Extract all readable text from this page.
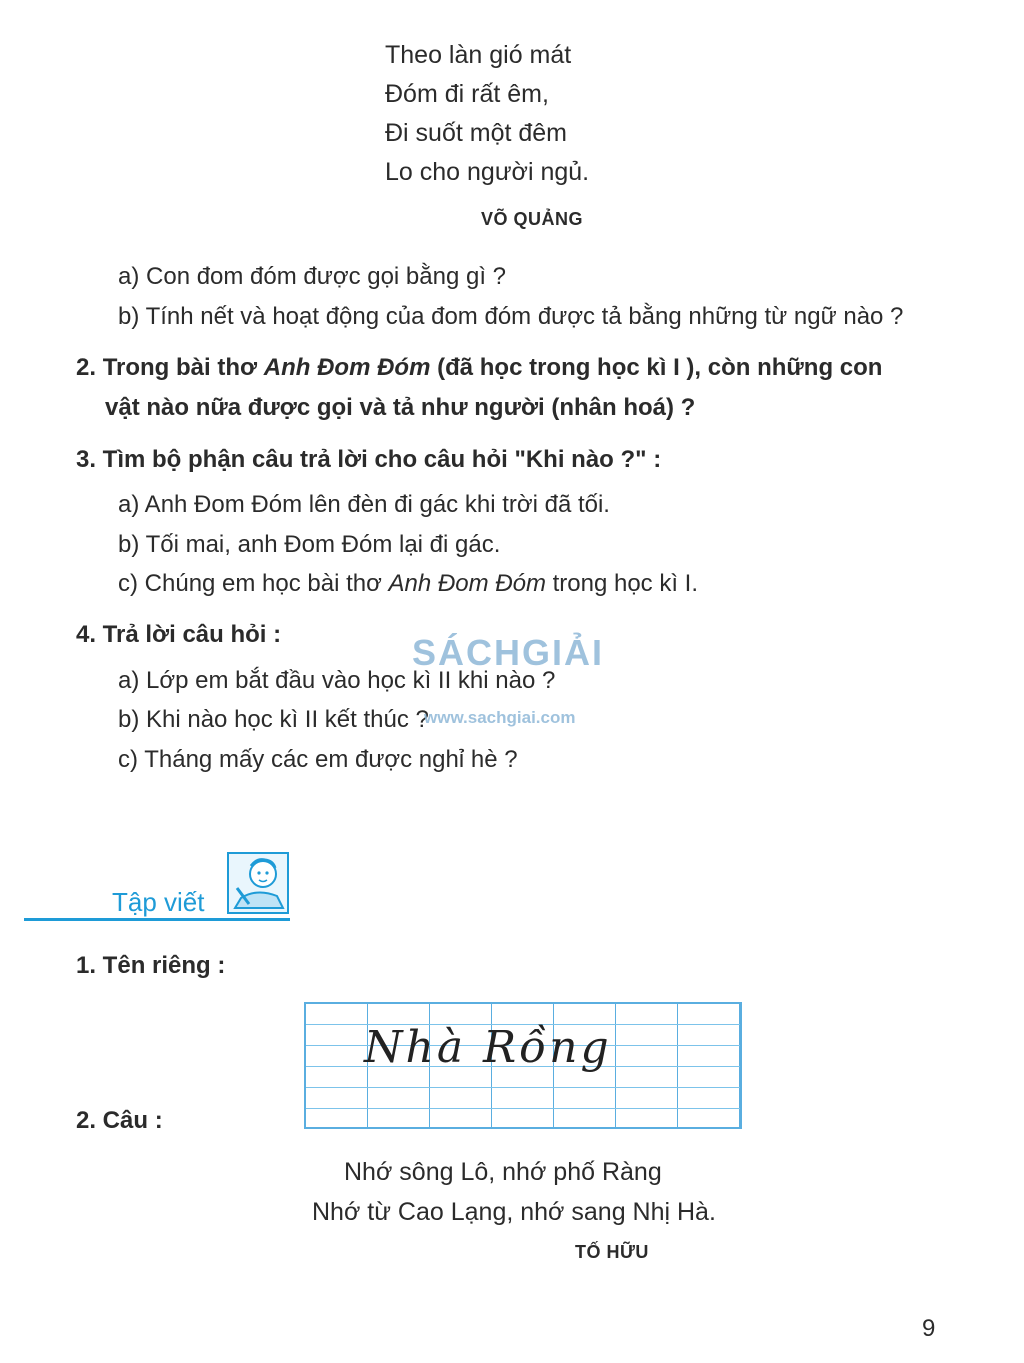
Theo làn gió mát
Đóm đi rất êm,
Đi suốt một đêm
Lo cho người ngủ.
VÕ QUẢNG
a) Con đom đóm được gọi bằng gì ?
b) Tính nết và hoạt động của đom đóm được tả bằng những từ ngữ nào ?
2. Trong bài thơ Anh Đom Đóm (đã học trong học kì I ), còn những con
vật nào nữa được gọi và tả như người (nhân hoá) ?
3. Tìm bộ phận câu trả lời cho câu hỏi "Khi nào ?" :
a) Anh Đom Đóm lên đèn đi gác khi trời đã tối.
b) Tối mai, anh Đom Đóm lại đi gác.
c) Chúng em học bài thơ Anh Đom Đóm trong học kì I.
4. Trả lời câu hỏi :
a) Lớp em bắt đầu vào học kì II khi nào ?
b) Khi nào học kì II kết thúc ?
c) Tháng mấy các em được nghỉ hè ?
SÁCHGIẢI
www.sachgiai.com
Tập viết
1. Tên riêng :
Nhà Rồng
2. Câu :
Nhớ sông Lô, nhớ phố Ràng
Nhớ từ Cao Lạng, nhớ sang Nhị Hà.
TỐ HỮU
9
